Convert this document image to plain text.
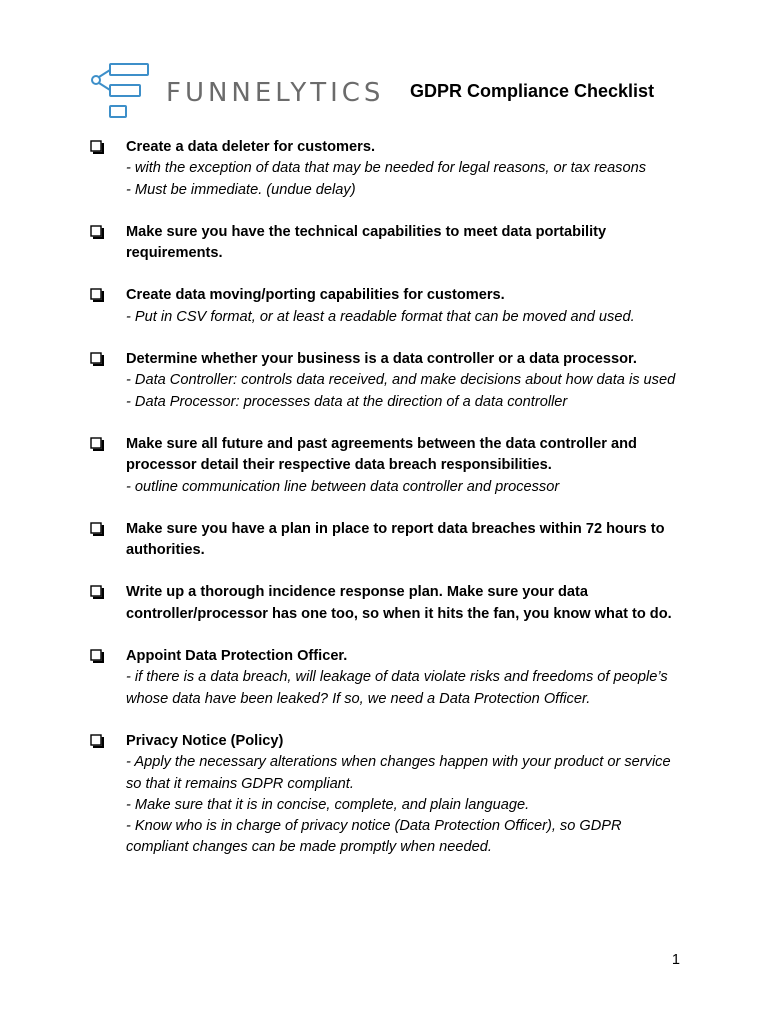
FUNNELYTICS GDPR Compliance Checklist
Create a data deleter for customers.
- with the exception of data that may be needed for legal reasons, or tax reasons
- Must be immediate. (undue delay)
Make sure you have the technical capabilities to meet data portability requirements.
Create data moving/porting capabilities for customers.
- Put in CSV format, or at least a readable format that can be moved and used.
Determine whether your business is a data controller or a data processor.
- Data Controller: controls data received, and make decisions about how data is used
- Data Processor: processes data at the direction of a data controller
Make sure all future and past agreements between the data controller and processor detail their respective data breach responsibilities.
- outline communication line between data controller and processor
Make sure you have a plan in place to report data breaches within 72 hours to authorities.
Write up a thorough incidence response plan. Make sure your data controller/processor has one too, so when it hits the fan, you know what to do.
Appoint Data Protection Officer.
- if there is a data breach, will leakage of data violate risks and freedoms of people’s whose data have been leaked? If so, we need a Data Protection Officer.
Privacy Notice (Policy)
- Apply the necessary alterations when changes happen with your product or service so that it remains GDPR compliant.
- Make sure that it is in concise, complete, and plain language.
- Know who is in charge of privacy notice (Data Protection Officer), so GDPR compliant changes can be made promptly when needed.
1
